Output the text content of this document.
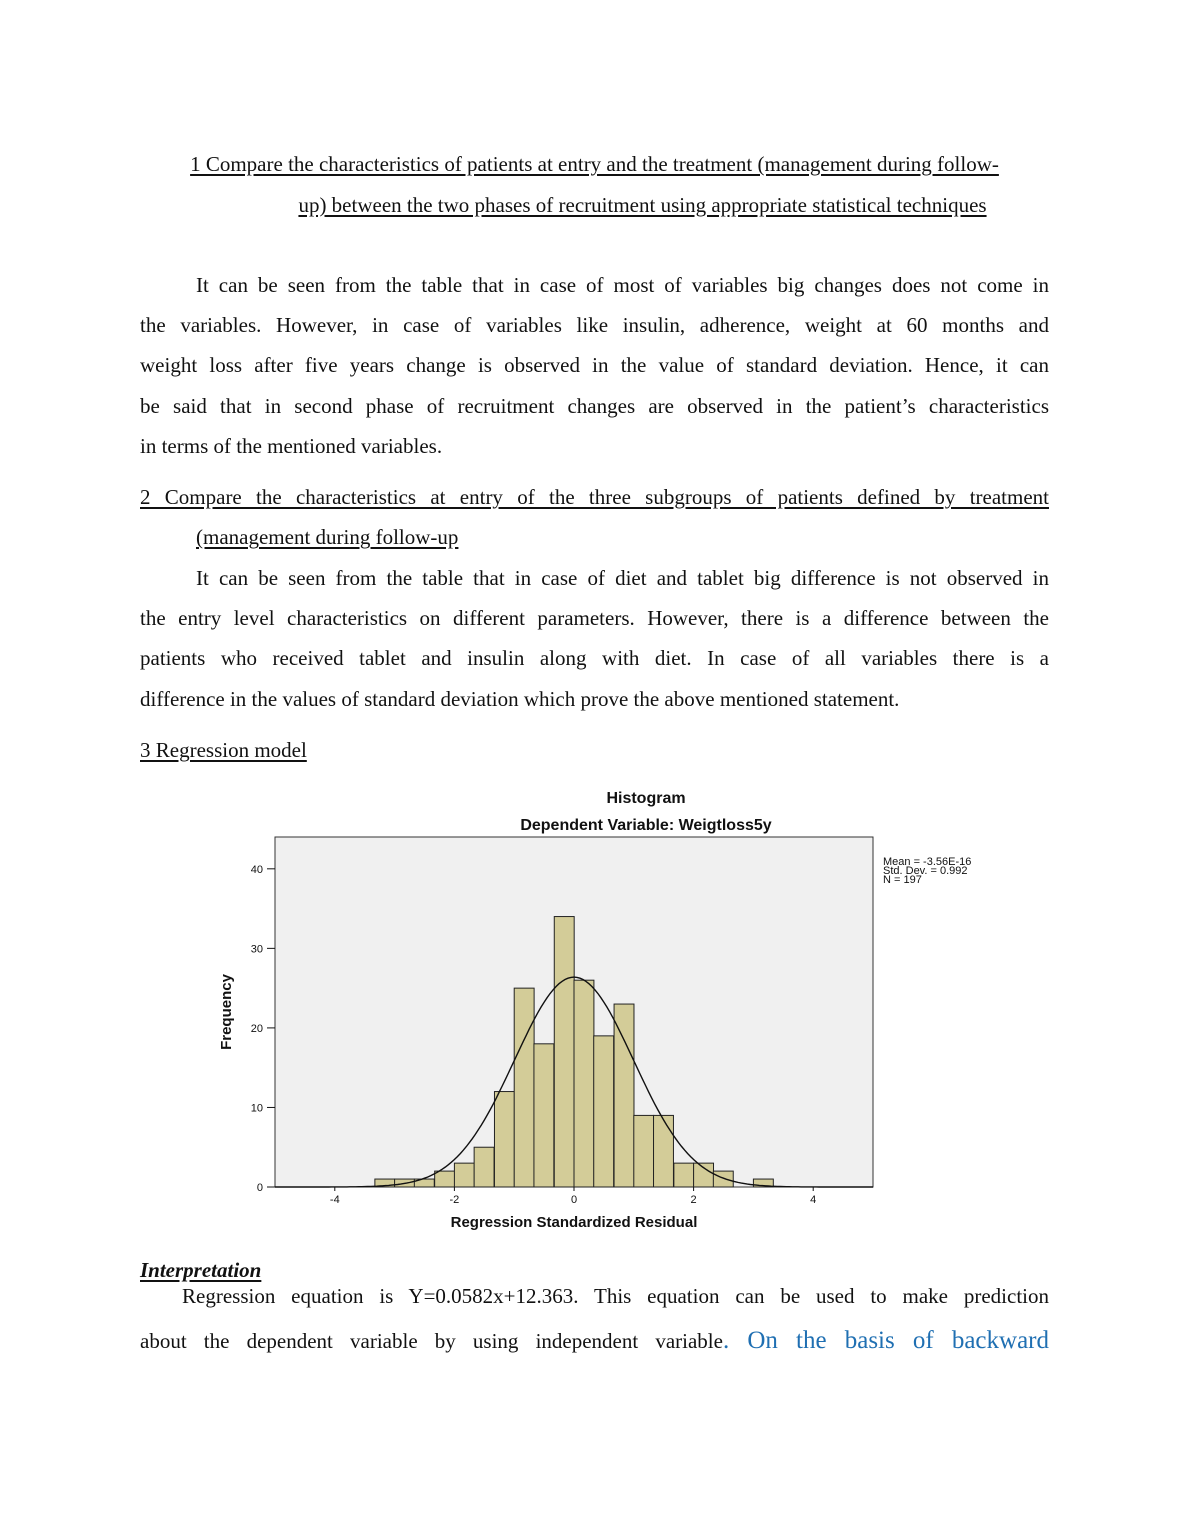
1 Compare the characteristics of patients at entry and the treatment (management during follow-
up) between the two phases of recruitment using appropriate statistical techniques
It can be seen from the table that in case of most of variables big changes does not come in
the variables. However, in case of variables like insulin, adherence, weight at 60 months and
weight loss after five years change is observed in the value of standard deviation. Hence, it can
be said that in second phase of recruitment changes are observed in the patient’s characteristics
in terms of the mentioned variables.
2 Compare the characteristics at entry of the three subgroups of patients defined by treatment
(management during follow-up
It can be seen from the table that in case of diet and tablet big difference is not observed in
the entry level characteristics on different parameters. However, there is a difference between the
patients who received tablet and insulin along with diet. In case of all variables there is a
difference in the values of standard deviation which prove the above mentioned statement.
3 Regression model
Histogram
Dependent Variable: Weigtloss5y
0
10
20
30
40
-4	-2	0	2	4
Regression Standardized Residual
Frequency
Mean = -3.56E-16
Std. Dev. = 0.992
N = 197
Interpretation
Regression equation is Y=0.0582x+12.363. This equation can be used to make prediction
about the dependent variable by using independent variable. On the basis of backward
